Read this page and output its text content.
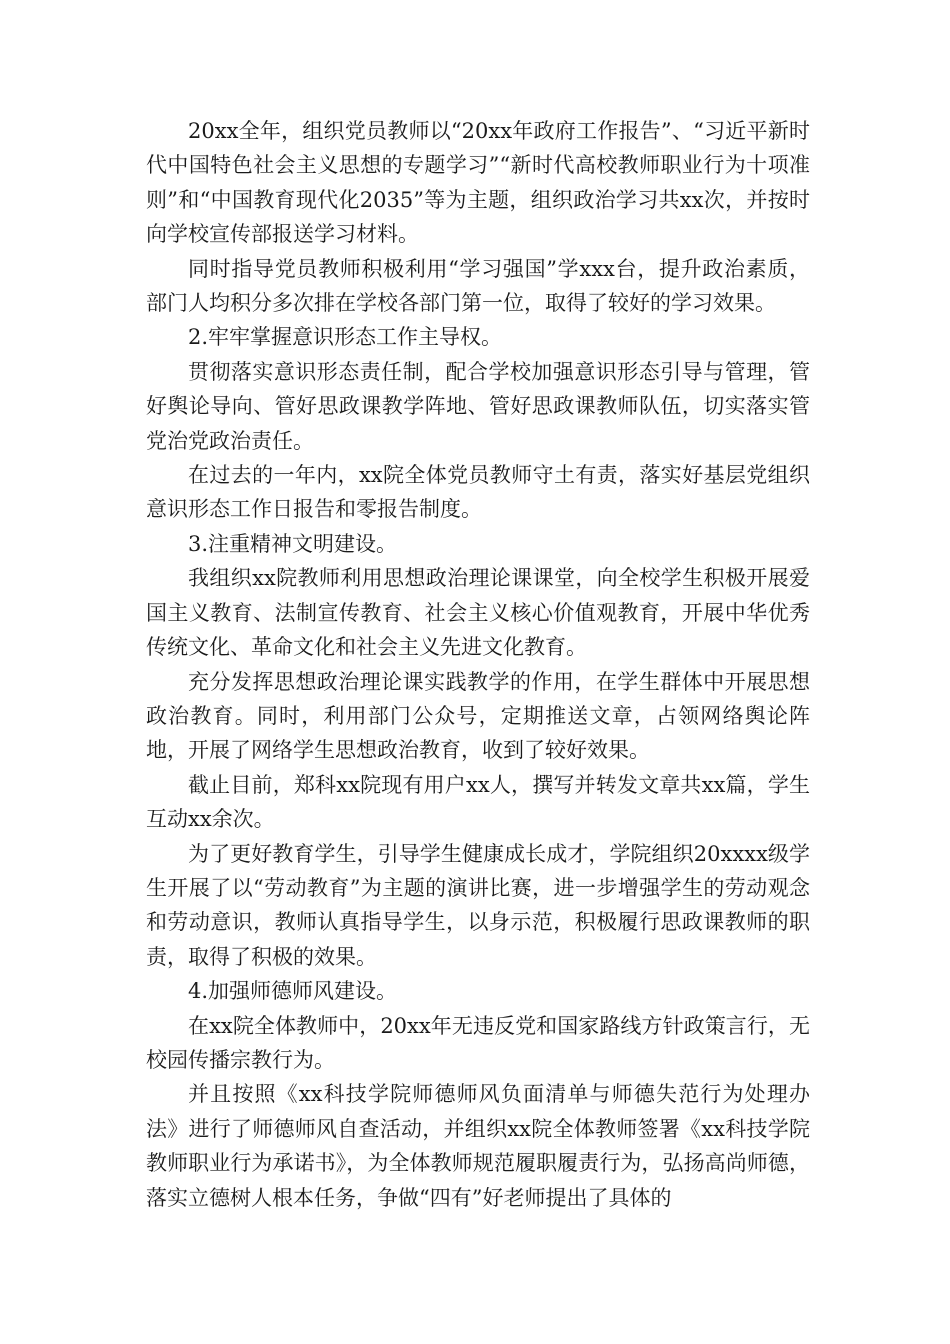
20xx全年，组织党员教师以“20xx年政府工作报告”、“习近平新时代中国特色社会主义思想的专题学习”“新时代高校教师职业行为十项准则”和“中国教育现代化2035”等为主题，组织政治学习共xx次，并按时向学校宣传部报送学习材料。

同时指导党员教师积极利用“学习强国”学xxx台，提升政治素质，部门人均积分多次排在学校各部门第一位，取得了较好的学习效果。

2.牢牢掌握意识形态工作主导权。

贯彻落实意识形态责任制，配合学校加强意识形态引导与管理，管好舆论导向、管好思政课教学阵地、管好思政课教师队伍，切实落实管党治党政治责任。

在过去的一年内，xx院全体党员教师守土有责，落实好基层党组织意识形态工作日报告和零报告制度。

3.注重精神文明建设。

我组织xx院教师利用思想政治理论课课堂，向全校学生积极开展爱国主义教育、法制宣传教育、社会主义核心价值观教育，开展中华优秀传统文化、革命文化和社会主义先进文化教育。

充分发挥思想政治理论课实践教学的作用，在学生群体中开展思想政治教育。同时，利用部门公众号，定期推送文章，占领网络舆论阵地，开展了网络学生思想政治教育，收到了较好效果。

截止目前，郑科xx院现有用户xx人，撰写并转发文章共xx篇，学生互动xx余次。

为了更好教育学生，引导学生健康成长成才，学院组织20xxxx级学生开展了以“劳动教育”为主题的演讲比赛，进一步增强学生的劳动观念和劳动意识，教师认真指导学生，以身示范，积极履行思政课教师的职责，取得了积极的效果。

4.加强师德师风建设。

在xx院全体教师中，20xx年无违反党和国家路线方针政策言行，无校园传播宗教行为。

并且按照《xx科技学院师德师风负面清单与师德失范行为处理办法》进行了师德师风自查活动，并组织xx院全体教师签署《xx科技学院教师职业行为承诺书》，为全体教师规范履职履责行为，弘扬高尚师德，落实立德树人根本任务，争做“四有”好老师提出了具体的
